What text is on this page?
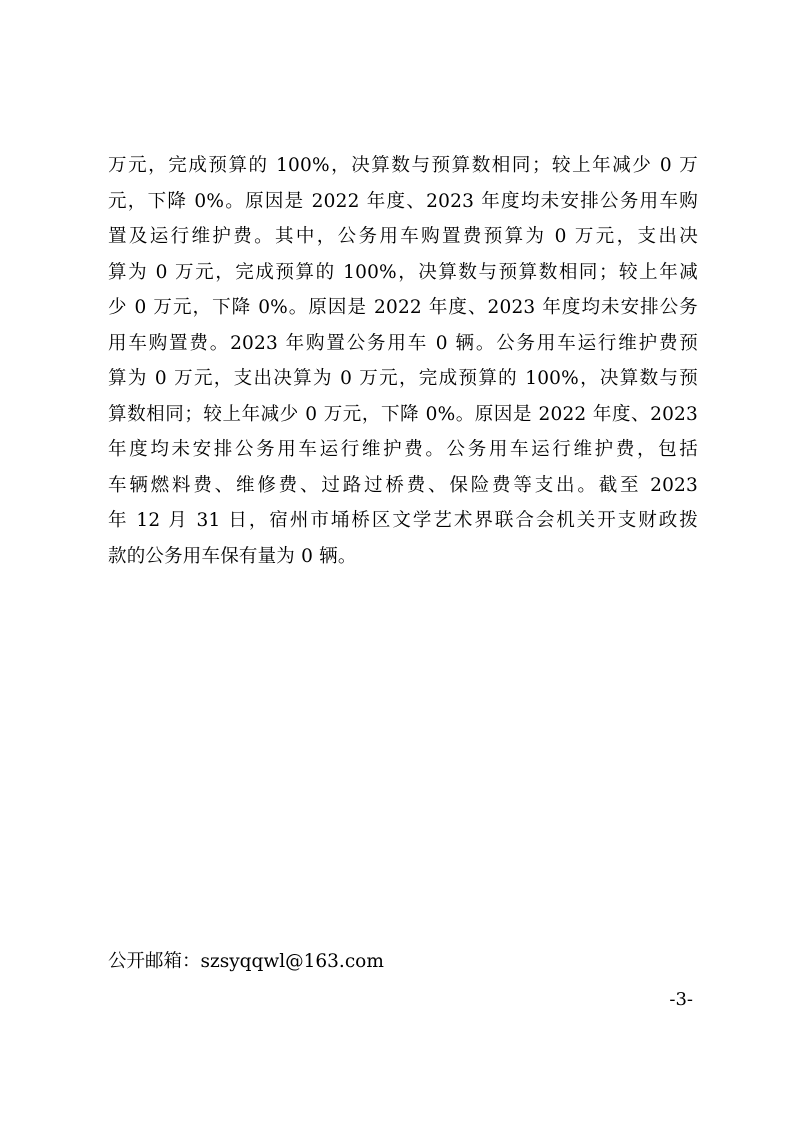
万元，完成预算的 100%，决算数与预算数相同；较上年减少 0 万
元，下降 0%。原因是 2022 年度、2023 年度均未安排公务用车购
置及运行维护费。其中，公务用车购置费预算为 0 万元，支出决
算为 0 万元，完成预算的 100%，决算数与预算数相同；较上年减
少 0 万元，下降 0%。原因是 2022 年度、2023 年度均未安排公务
用车购置费。2023 年购置公务用车 0 辆。公务用车运行维护费预
算为 0 万元，支出决算为 0 万元，完成预算的 100%，决算数与预
算数相同；较上年减少 0 万元，下降 0%。原因是 2022 年度、2023
年度均未安排公务用车运行维护费。公务用车运行维护费，包括
车辆燃料费、维修费、过路过桥费、保险费等支出。截至 2023
年 12 月 31 日，宿州市埇桥区文学艺术界联合会机关开支财政拨
款的公务用车保有量为 0 辆。
公开邮箱：szsyqqwl@163.com
-3-
